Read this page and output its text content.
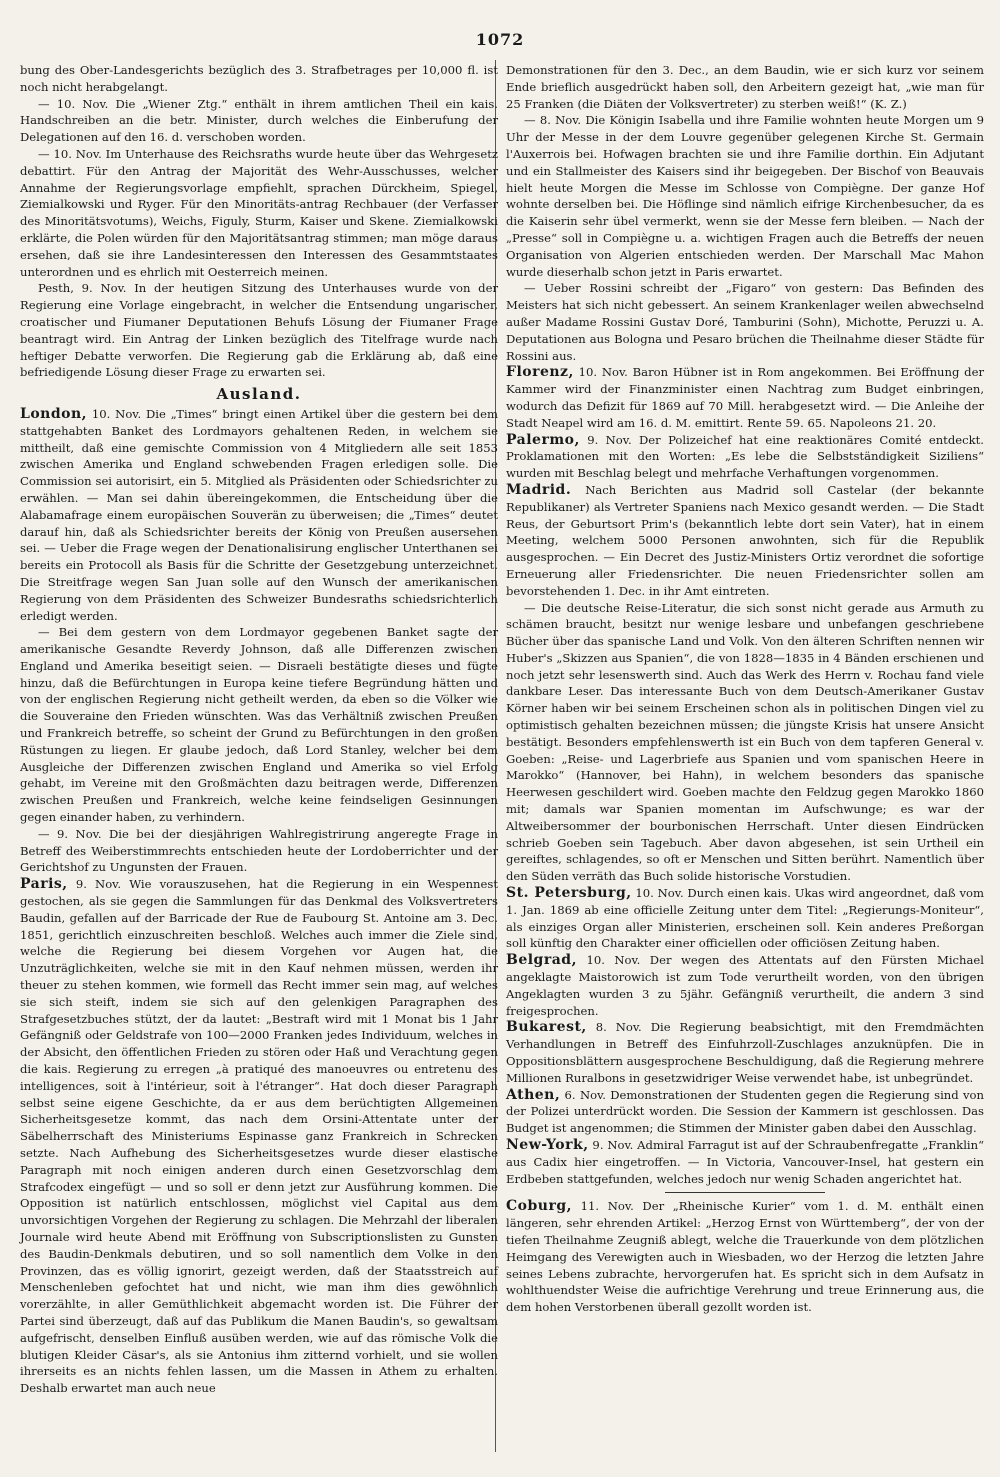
1072

bung des Ober-Landesgerichts bezüglich des 3. Strafbetrages per 10,000 fl. ist noch nicht herabgelangt.

— 10. Nov. Die „Wiener Ztg.“ enthält in ihrem amtlichen Theil ein kais. Handschreiben an die betr. Minister, durch welches die Einberufung der Delegationen auf den 16. d. verschoben worden.

— 10. Nov. Im Unterhause des Reichsraths wurde heute über das Wehrgesetz debattirt. Für den Antrag der Majorität des Wehr-Ausschusses, welcher Annahme der Regierungsvorlage empfiehlt, sprachen Dürckheim, Spiegel, Ziemialkowski und Ryger. Für den Minoritäts-antrag Rechbauer (der Verfasser des Minoritätsvotums), Weichs, Figuly, Sturm, Kaiser und Skene. Ziemialkowski erklärte, die Polen würden für den Majoritätsantrag stimmen; man möge daraus ersehen, daß sie ihre Landesinteressen den Interessen des Gesammtstaates unterordnen und es ehrlich mit Oesterreich meinen.

Pesth, 9. Nov. In der heutigen Sitzung des Unterhauses wurde von der Regierung eine Vorlage eingebracht, in welcher die Entsendung ungarischer, croatischer und Fiumaner Deputationen Behufs Lösung der Fiumaner Frage beantragt wird. Ein Antrag der Linken bezüglich des Titelfrage wurde nach heftiger Debatte verworfen. Die Regierung gab die Erklärung ab, daß eine befriedigende Lösung dieser Frage zu erwarten sei.

Ausland.

London, 10. Nov. Die „Times“ bringt einen Artikel über die gestern bei dem stattgehabten Banket des Lordmayors gehaltenen Reden, in welchem sie mittheilt, daß eine gemischte Commission von 4 Mitgliedern alle seit 1853 zwischen Amerika und England schwebenden Fragen erledigen solle. Die Commission sei autorisirt, ein 5. Mitglied als Präsidenten oder Schiedsrichter zu erwählen. — Man sei dahin übereingekommen, die Entscheidung über die Alabamafrage einem europäischen Souverän zu überweisen; die „Times“ deutet darauf hin, daß als Schiedsrichter bereits der König von Preußen ausersehen sei. — Ueber die Frage wegen der Denationalisirung englischer Unterthanen sei bereits ein Protocoll als Basis für die Schritte der Gesetzgebung unterzeichnet. Die Streitfrage wegen San Juan solle auf den Wunsch der amerikanischen Regierung von dem Präsidenten des Schweizer Bundesraths schiedsrichterlich erledigt werden.

— Bei dem gestern von dem Lordmayor gegebenen Banket sagte der amerikanische Gesandte Reverdy Johnson, daß alle Differenzen zwischen England und Amerika beseitigt seien. — Disraeli bestätigte dieses und fügte hinzu, daß die Befürchtungen in Europa keine tiefere Begründung hätten und von der englischen Regierung nicht getheilt werden, da eben so die Völker wie die Souveraine den Frieden wünschten. Was das Verhältniß zwischen Preußen und Frankreich betreffe, so scheint der Grund zu Befürchtungen in den großen Rüstungen zu liegen. Er glaube jedoch, daß Lord Stanley, welcher bei dem Ausgleiche der Differenzen zwischen England und Amerika so viel Erfolg gehabt, im Vereine mit den Großmächten dazu beitragen werde, Differenzen zwischen Preußen und Frankreich, welche keine feindseligen Gesinnungen gegen einander haben, zu verhindern.

— 9. Nov. Die bei der diesjährigen Wahlregistrirung angeregte Frage in Betreff des Weiberstimmrechts entschieden heute der Lordoberrichter und der Gerichtshof zu Ungunsten der Frauen.

Paris, 9. Nov. Wie vorauszusehen, hat die Regierung in ein Wespennest gestochen, als sie gegen die Sammlungen für das Denkmal des Volksvertreters Baudin, gefallen auf der Barricade der Rue de Faubourg St. Antoine am 3. Dec. 1851, gerichtlich einzuschreiten beschloß. Welches auch immer die Ziele sind, welche die Regierung bei diesem Vorgehen vor Augen hat, die Unzuträglichkeiten, welche sie mit in den Kauf nehmen müssen, werden ihr theuer zu stehen kommen, wie formell das Recht immer sein mag, auf welches sie sich steift, indem sie sich auf den gelenkigen Paragraphen des Strafgesetzbuches stützt, der da lautet: „Bestraft wird mit 1 Monat bis 1 Jahr Gefängniß oder Geldstrafe von 100—2000 Franken jedes Individuum, welches in der Absicht, den öffentlichen Frieden zu stören oder Haß und Verachtung gegen die kais. Regierung zu erregen „à pratiqué des manoeuvres ou entretenu des intelligences, soit à l'intérieur, soit à l'étranger“. Hat doch dieser Paragraph selbst seine eigene Geschichte, da er aus dem berüchtigten Allgemeinen Sicherheitsgesetze kommt, das nach dem Orsini-Attentate unter der Säbelherrschaft des Ministeriums Espinasse ganz Frankreich in Schrecken setzte. Nach Aufhebung des Sicherheitsgesetzes wurde dieser elastische Paragraph mit noch einigen anderen durch einen Gesetzvorschlag dem Strafcodex eingefügt — und so soll er denn jetzt zur Ausführung kommen. Die Opposition ist natürlich entschlossen, möglichst viel Capital aus dem unvorsichtigen Vorgehen der Regierung zu schlagen. Die Mehrzahl der liberalen Journale wird heute Abend mit Eröffnung von Subscriptionslisten zu Gunsten des Baudin-Denkmals debutiren, und so soll namentlich dem Volke in den Provinzen, das es völlig ignorirt, gezeigt werden, daß der Staatsstreich auf Menschenleben gefochtet hat und nicht, wie man ihm dies gewöhnlich vorerzählte, in aller Gemüthlichkeit abgemacht worden ist. Die Führer der Partei sind überzeugt, daß auf das Publikum die Manen Baudin's, so gewaltsam aufgefrischt, denselben Einfluß ausüben werden, wie auf das römische Volk die blutigen Kleider Cäsar's, als sie Antonius ihm zitternd vorhielt, und sie wollen ihrerseits es an nichts fehlen lassen, um die Massen in Athem zu erhalten. Deshalb erwartet man auch neue

Demonstrationen für den 3. Dec., an dem Baudin, wie er sich kurz vor seinem Ende brieflich ausgedrückt haben soll, den Arbeitern gezeigt hat, „wie man für 25 Franken (die Diäten der Volksvertreter) zu sterben weiß!“ (K. Z.)

— 8. Nov. Die Königin Isabella und ihre Familie wohnten heute Morgen um 9 Uhr der Messe in der dem Louvre gegenüber gelegenen Kirche St. Germain l'Auxerrois bei. Hofwagen brachten sie und ihre Familie dorthin. Ein Adjutant und ein Stallmeister des Kaisers sind ihr beigegeben. Der Bischof von Beauvais hielt heute Morgen die Messe im Schlosse von Compiègne. Der ganze Hof wohnte derselben bei. Die Höflinge sind nämlich eifrige Kirchenbesucher, da es die Kaiserin sehr übel vermerkt, wenn sie der Messe fern bleiben. — Nach der „Presse“ soll in Compiègne u. a. wichtigen Fragen auch die Betreffs der neuen Organisation von Algerien entschieden werden. Der Marschall Mac Mahon wurde dieserhalb schon jetzt in Paris erwartet.

— Ueber Rossini schreibt der „Figaro“ von gestern: Das Befinden des Meisters hat sich nicht gebessert. An seinem Krankenlager weilen abwechselnd außer Madame Rossini Gustav Doré, Tamburini (Sohn), Michotte, Peruzzi u. A. Deputationen aus Bologna und Pesaro brüchen die Theilnahme dieser Städte für Rossini aus.

Florenz, 10. Nov. Baron Hübner ist in Rom angekommen. Bei Eröffnung der Kammer wird der Finanzminister einen Nachtrag zum Budget einbringen, wodurch das Defizit für 1869 auf 70 Mill. herabgesetzt wird. — Die Anleihe der Stadt Neapel wird am 16. d. M. emittirt. Rente 59. 65. Napoleons 21. 20.

Palermo, 9. Nov. Der Polizeichef hat eine reaktionäres Comité entdeckt. Proklamationen mit den Worten: „Es lebe die Selbstständigkeit Siziliens“ wurden mit Beschlag belegt und mehrfache Verhaftungen vorgenommen.

Madrid. Nach Berichten aus Madrid soll Castelar (der bekannte Republikaner) als Vertreter Spaniens nach Mexico gesandt werden. — Die Stadt Reus, der Geburtsort Prim's (bekanntlich lebte dort sein Vater), hat in einem Meeting, welchem 5000 Personen anwohnten, sich für die Republik ausgesprochen. — Ein Decret des Justiz-Ministers Ortiz verordnet die sofortige Erneuerung aller Friedensrichter. Die neuen Friedensrichter sollen am bevorstehenden 1. Dec. in ihr Amt eintreten.

— Die deutsche Reise-Literatur, die sich sonst nicht gerade aus Armuth zu schämen braucht, besitzt nur wenige lesbare und unbefangen geschriebene Bücher über das spanische Land und Volk. Von den älteren Schriften nennen wir Huber's „Skizzen aus Spanien“, die von 1828—1835 in 4 Bänden erschienen und noch jetzt sehr lesenswerth sind. Auch das Werk des Herrn v. Rochau fand viele dankbare Leser. Das interessante Buch von dem Deutsch-Amerikaner Gustav Körner haben wir bei seinem Erscheinen schon als in politischen Dingen viel zu optimistisch gehalten bezeichnen müssen; die jüngste Krisis hat unsere Ansicht bestätigt. Besonders empfehlenswerth ist ein Buch von dem tapferen General v. Goeben: „Reise- und Lagerbriefe aus Spanien und vom spanischen Heere in Marokko“ (Hannover, bei Hahn), in welchem besonders das spanische Heerwesen geschildert wird. Goeben machte den Feldzug gegen Marokko 1860 mit; damals war Spanien momentan im Aufschwunge; es war der Altweibersommer der bourbonischen Herrschaft. Unter diesen Eindrücken schrieb Goeben sein Tagebuch. Aber davon abgesehen, ist sein Urtheil ein gereiftes, schlagendes, so oft er Menschen und Sitten berührt. Namentlich über den Süden verräth das Buch solide historische Vorstudien.

St. Petersburg, 10. Nov. Durch einen kais. Ukas wird angeordnet, daß vom 1. Jan. 1869 ab eine officielle Zeitung unter dem Titel: „Regierungs-Moniteur“, als einziges Organ aller Ministerien, erscheinen soll. Kein anderes Preßorgan soll künftig den Charakter einer officiellen oder officiösen Zeitung haben.

Belgrad, 10. Nov. Der wegen des Attentats auf den Fürsten Michael angeklagte Maistorowich ist zum Tode verurtheilt worden, von den übrigen Angeklagten wurden 3 zu 5jähr. Gefängniß verurtheilt, die andern 3 sind freigesprochen.

Bukarest, 8. Nov. Die Regierung beabsichtigt, mit den Fremdmächten Verhandlungen in Betreff des Einfuhrzoll-Zuschlages anzuknüpfen. Die in Oppositionsblättern ausgesprochene Beschuldigung, daß die Regierung mehrere Millionen Ruralbons in gesetzwidriger Weise verwendet habe, ist unbegründet.

Athen, 6. Nov. Demonstrationen der Studenten gegen die Regierung sind von der Polizei unterdrückt worden. Die Session der Kammern ist geschlossen. Das Budget ist angenommen; die Stimmen der Minister gaben dabei den Ausschlag.

New-York, 9. Nov. Admiral Farragut ist auf der Schraubenfregatte „Franklin“ aus Cadix hier eingetroffen. — In Victoria, Vancouver-Insel, hat gestern ein Erdbeben stattgefunden, welches jedoch nur wenig Schaden angerichtet hat.

Coburg, 11. Nov. Der „Rheinische Kurier“ vom 1. d. M. enthält einen längeren, sehr ehrenden Artikel: „Herzog Ernst von Württemberg“, der von der tiefen Theilnahme Zeugniß ablegt, welche die Trauerkunde von dem plötzlichen Heimgang des Verewigten auch in Wiesbaden, wo der Herzog die letzten Jahre seines Lebens zubrachte, hervorgerufen hat. Es spricht sich in dem Aufsatz in wohlthuendster Weise die aufrichtige Verehrung und treue Erinnerung aus, die dem hohen Verstorbenen überall gezollt worden ist.
